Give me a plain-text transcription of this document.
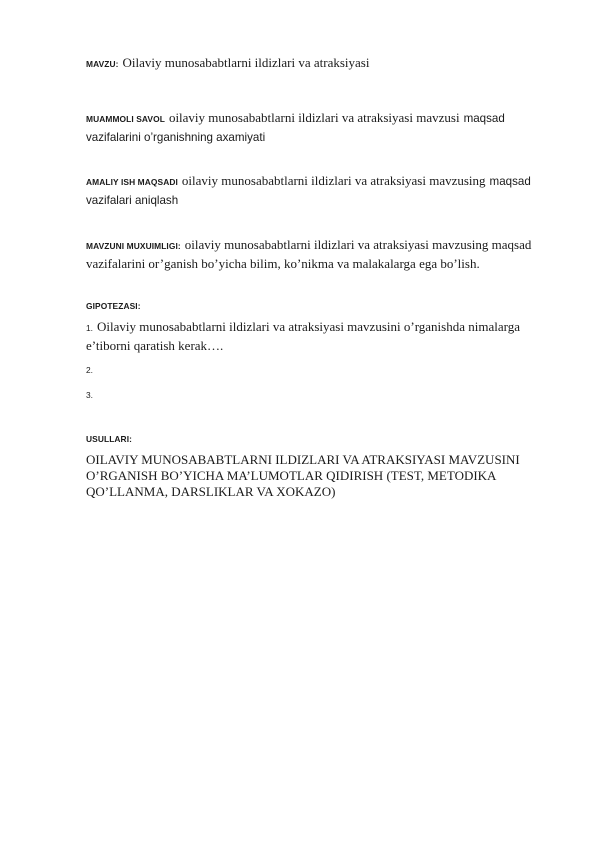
MAVZU: Oilaviy munosababtlarni ildizlari va atraksiyasi

MUAMMOLI SAVOL oilaviy munosababtlarni ildizlari va atraksiyasi mavzusi maqsad vazifalarini o’rganishning axamiyati

AMALIY ISH MAQSADI oilaviy munosababtlarni ildizlari va atraksiyasi mavzusing maqsad vazifalari aniqlash

MAVZUNI MUXUIMLIGI: oilaviy munosababtlarni ildizlari va atraksiyasi mavzusing maqsad vazifalarini or’ganish bo’yicha bilim, ko’nikma va malakalarga ega bo’lish.

GIPOTEZASI:

1. Oilaviy munosababtlarni ildizlari va atraksiyasi mavzusini o’rganishda nimalarga e’tiborni qaratish kerak….

2.

3.

USULLARI:

OILAVIY MUNOSABABTLARNI ILDIZLARI VA ATRAKSIYASI MAVZUSINI O’RGANISH BO’YICHA MA’LUMOTLAR QIDIRISH (TEST, METODIKA QO’LLANMA, DARSLIKLAR VA XOKAZO)
